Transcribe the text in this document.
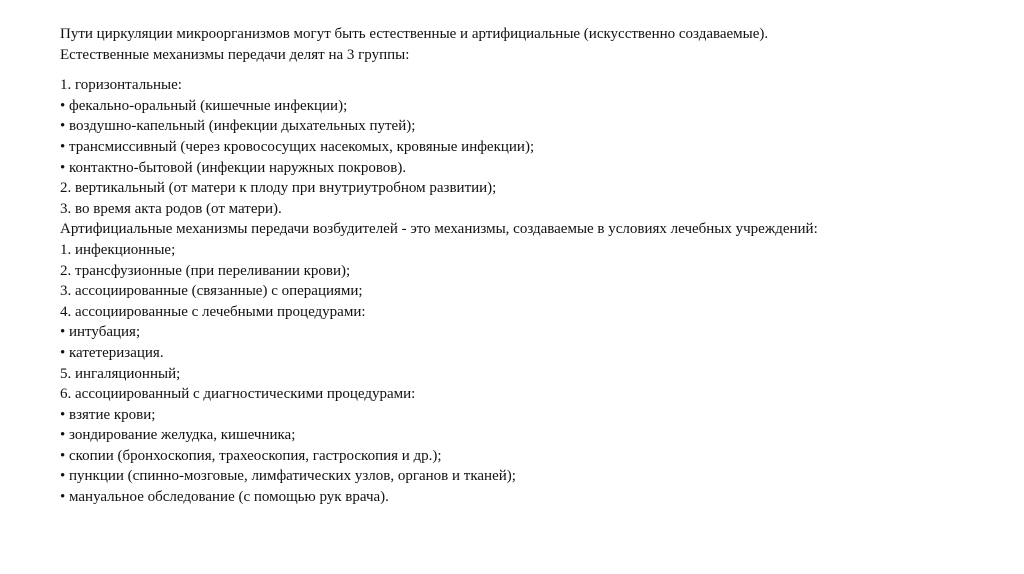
Пути циркуляции микроорганизмов могут быть естественные и артифициальные (искусственно создаваемые).
Естественные механизмы передачи делят на 3 группы:
1. горизонтальные:
• фекально-оральный (кишечные инфекции);
• воздушно-капельный (инфекции дыхательных путей);
• трансмиссивный (через кровососущих насекомых, кровяные инфекции);
• контактно-бытовой (инфекции наружных покровов).
2. вертикальный (от матери к плоду при внутриутробном развитии);
3. во время акта родов (от матери).
Артифициальные механизмы передачи возбудителей - это механизмы, создаваемые в условиях лечебных учреждений:
1. инфекционные;
2. трансфузионные (при переливании крови);
3. ассоциированные (связанные) с операциями;
4. ассоциированные с лечебными процедурами:
• интубация;
• катетеризация.
5. ингаляционный;
6. ассоциированный с диагностическими процедурами:
• взятие крови;
• зондирование желудка, кишечника;
• скопии (бронхоскопия, трахеоскопия, гастроскопия и др.);
• пункции (спинно-мозговые, лимфатических узлов, органов и тканей);
• мануальное обследование (с помощью рук врача).
